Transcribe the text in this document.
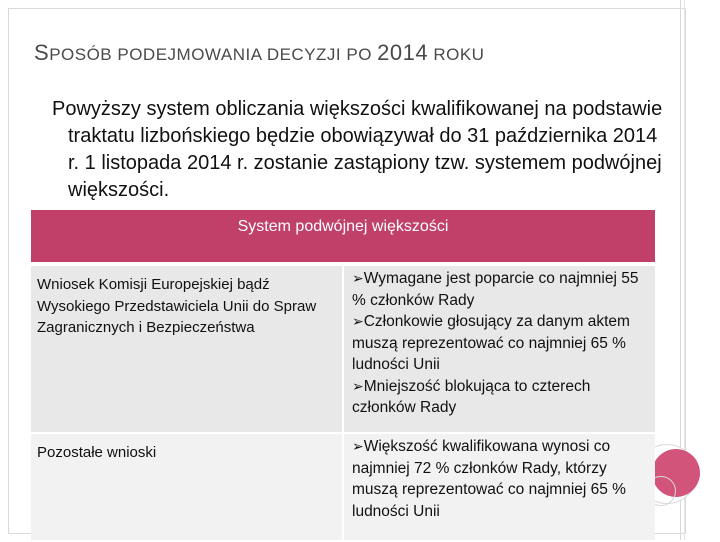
SPOSÓB PODEJMOWANIA DECYZJI PO 2014 ROKU
Powyższy system obliczania większości kwalifikowanej na podstawie traktatu lizbońskiego będzie obowiązywał do 31 października 2014 r. 1 listopada 2014 r. zostanie zastąpiony tzw. systemem podwójnej większości.
System podwójnej większości	
Wniosek Komisji Europejskiej bądź Wysokiego Przedstawiciela Unii do Spraw Zagranicznych i Bezpieczeństwa	➢Wymagane jest poparcie co najmniej 55 % członków Rady
➢Członkowie głosujący za danym aktem muszą reprezentować co najmniej 65 % ludności Unii
➢Mniejszość blokująca to czterech członków Rady

Pozostałe wnioski	➢Większość kwalifikowana wynosi co najmniej 72 % członków Rady, którzy muszą reprezentować co najmniej 65 % ludności Unii
